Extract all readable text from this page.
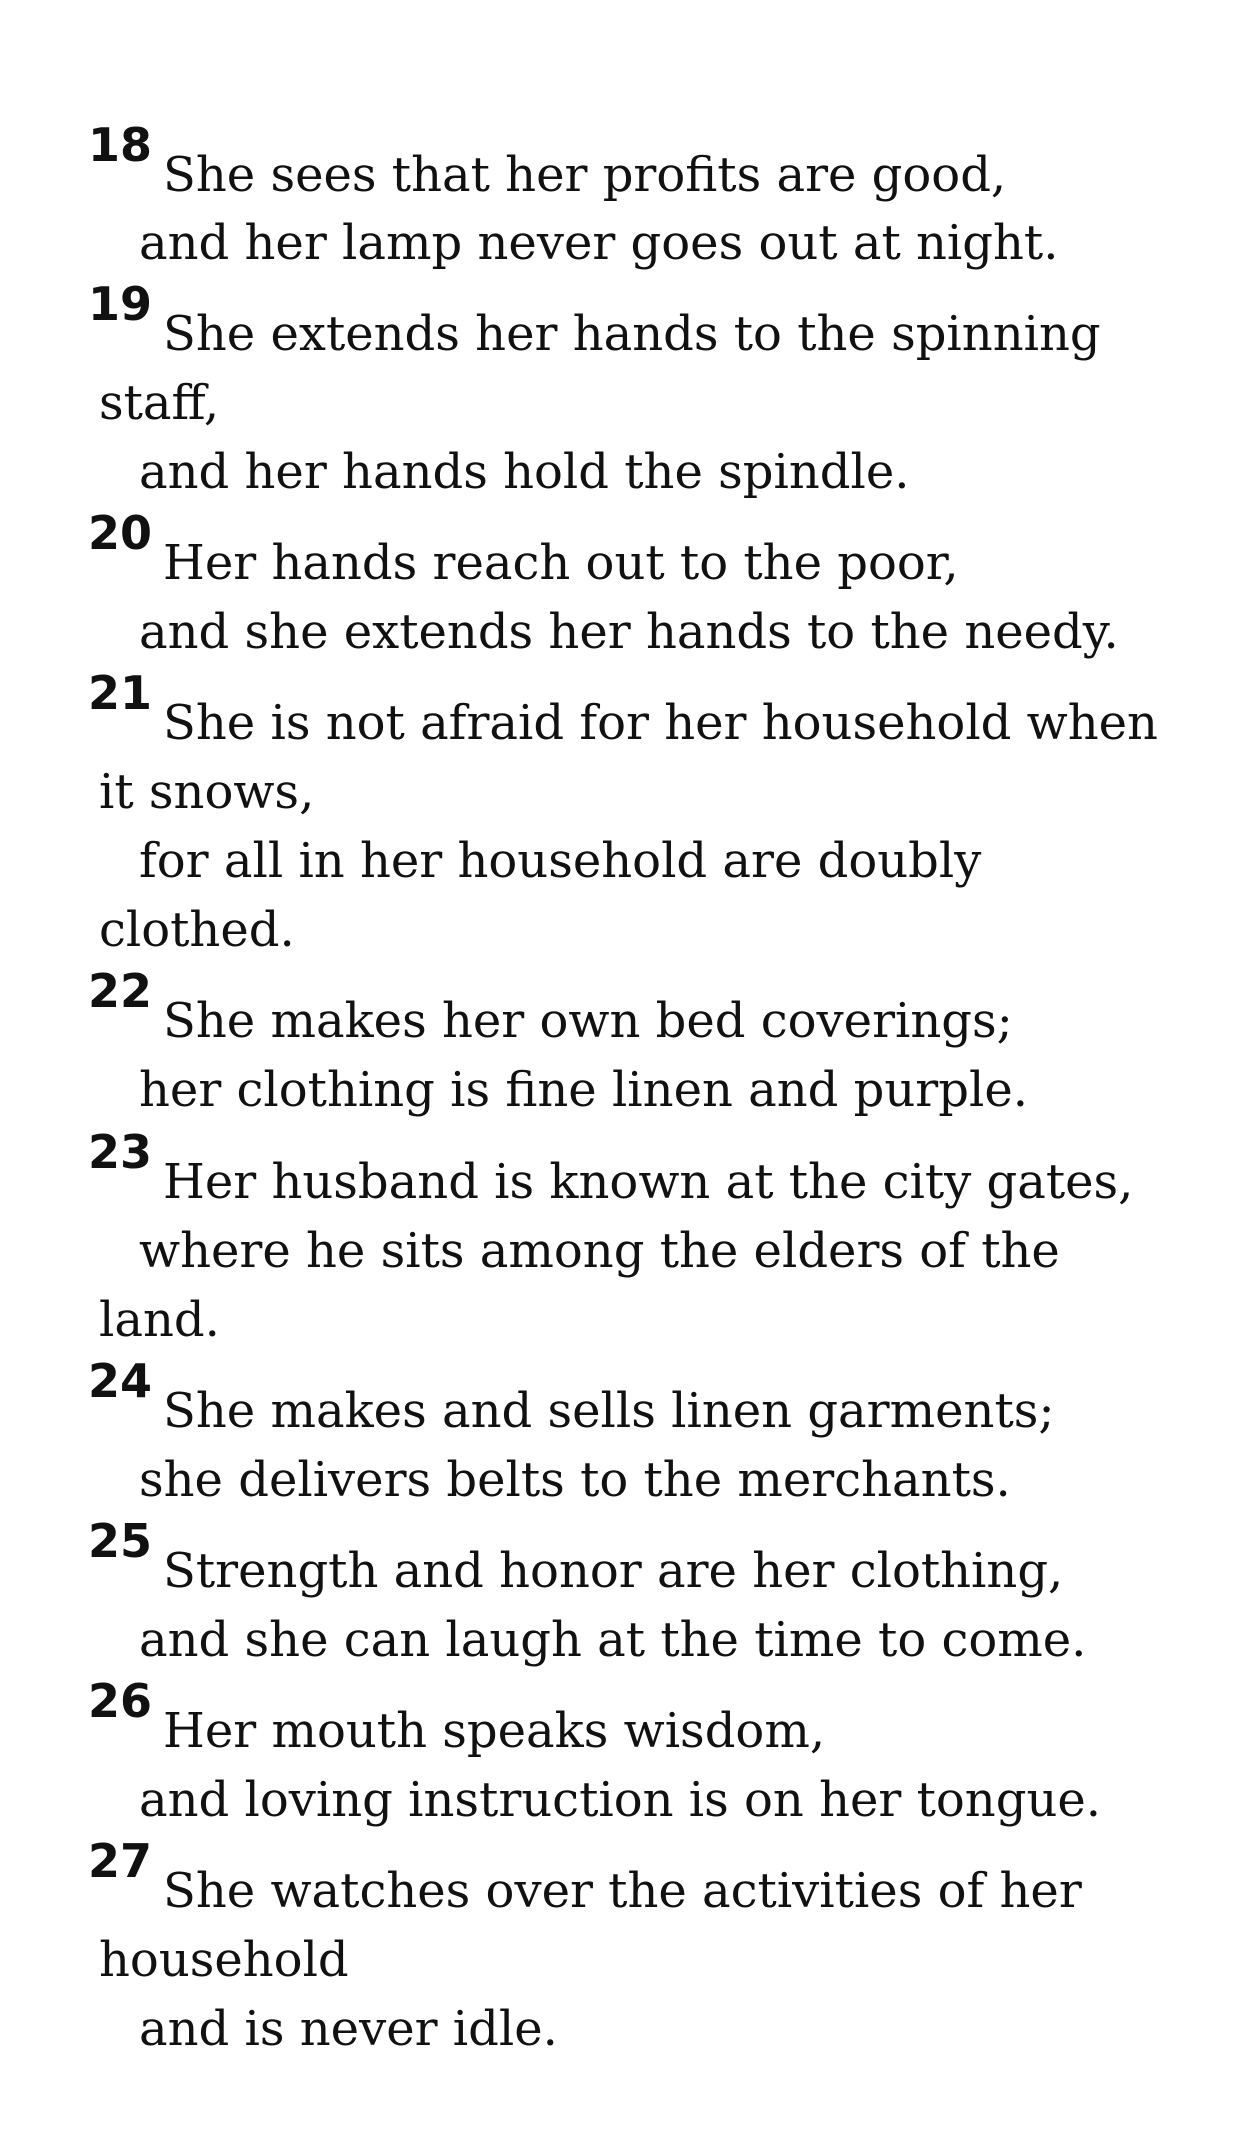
18
She sees that her profits are good,
and her lamp never goes out at night.
19
She extends her hands to the spinning
staff,
and her hands hold the spindle.
20
Her hands reach out to the poor,
and she extends her hands to the needy.
21
She is not afraid for her household when
it snows,
for all in her household are doubly
clothed.
22
She makes her own bed coverings;
her clothing is fine linen and purple.
23
Her husband is known at the city gates,
where he sits among the elders of the
land.
24
She makes and sells linen garments;
she delivers belts to the merchants.
25
Strength and honor are her clothing,
and she can laugh at the time to come.
26
Her mouth speaks wisdom,
and loving instruction is on her tongue.
27
She watches over the activities of her
household
and is never idle.
